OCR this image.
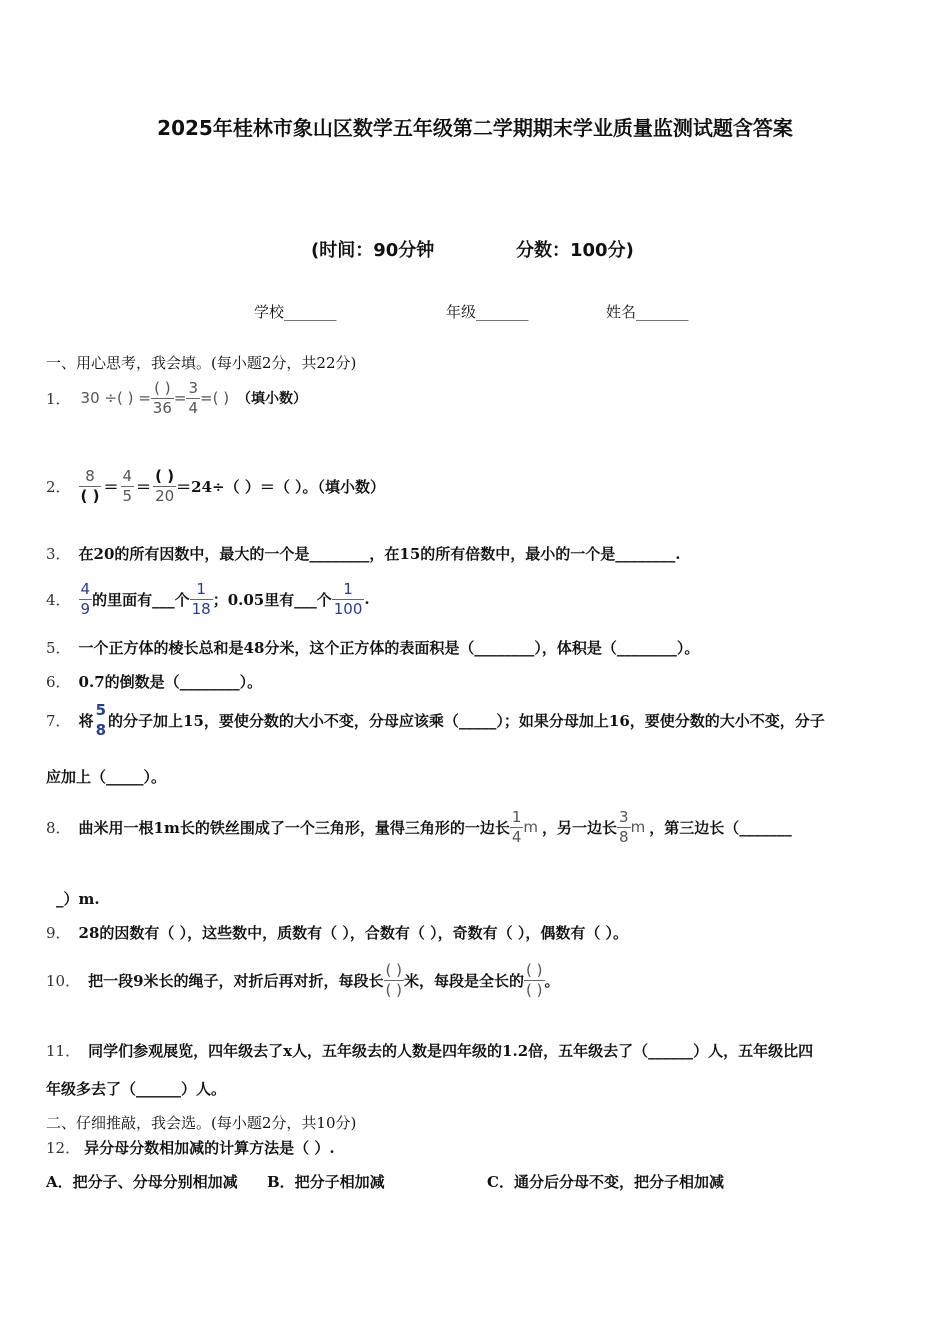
2025年桂林市象山区数学五年级第二学期期末学业质量监测试题含答案
(时间：90分钟	分数：100分)
学校_______	年级_______	姓名_______
一、用心思考，我会填。(每小题2分，共22分)
1． 30 ÷( ) = $\frac{( )}{36} = \frac{3}{4}$ =( ) （填小数）
2． $\frac{8}{( )} = \frac{4}{5} = \frac{( )}{20} =24\div$（ ）＝（ ）。（填小数）
3． 在20的所有因数中，最大的一个是________，在15的所有倍数中，最小的一个是________.
4． $\frac{4}{9}$ 的里面有___个 $\frac{1}{18}$ ；0.05里有___个 $\frac{1}{100}$ .
5． 一个正方体的棱长总和是48分米，这个正方体的表面积是（________），体积是（________）。
6． 0.7的倒数是（________）。
7． 将 $\frac{5}{8}$ 的分子加上15，要使分数的大小不变，分母应该乘（_____）；如果分母加上16，要使分数的大小不变，分子
应加上（_____）。
8． 曲米用一根1m长的铁丝围成了一个三角形，量得三角形的一边长 $\frac{1}{4}$ m ，另一边长 $\frac{3}{8}$ m ，第三边长（_______
_）m.
9． 28的因数有（ ），这些数中，质数有（ ），合数有（ ），奇数有（ ），偶数有（ ）。
10． 把一段9米长的绳子，对折后再对折，每段长 $\frac{( )}{( )}$ 米，每段是全长的 $\frac{( )}{( )}$ 。
11． 同学们参观展览，四年级去了x人，五年级去的人数是四年级的1.2倍，五年级去了（______）人，五年级比四
年级多去了（______）人。
二、仔细推敲，我会选。(每小题2分，共10分)
12． 异分母分数相加减的计算方法是（ ）.
A．把分子、分母分别相加减 B．把分子相加减	C．通分后分母不变，把分子相加减
